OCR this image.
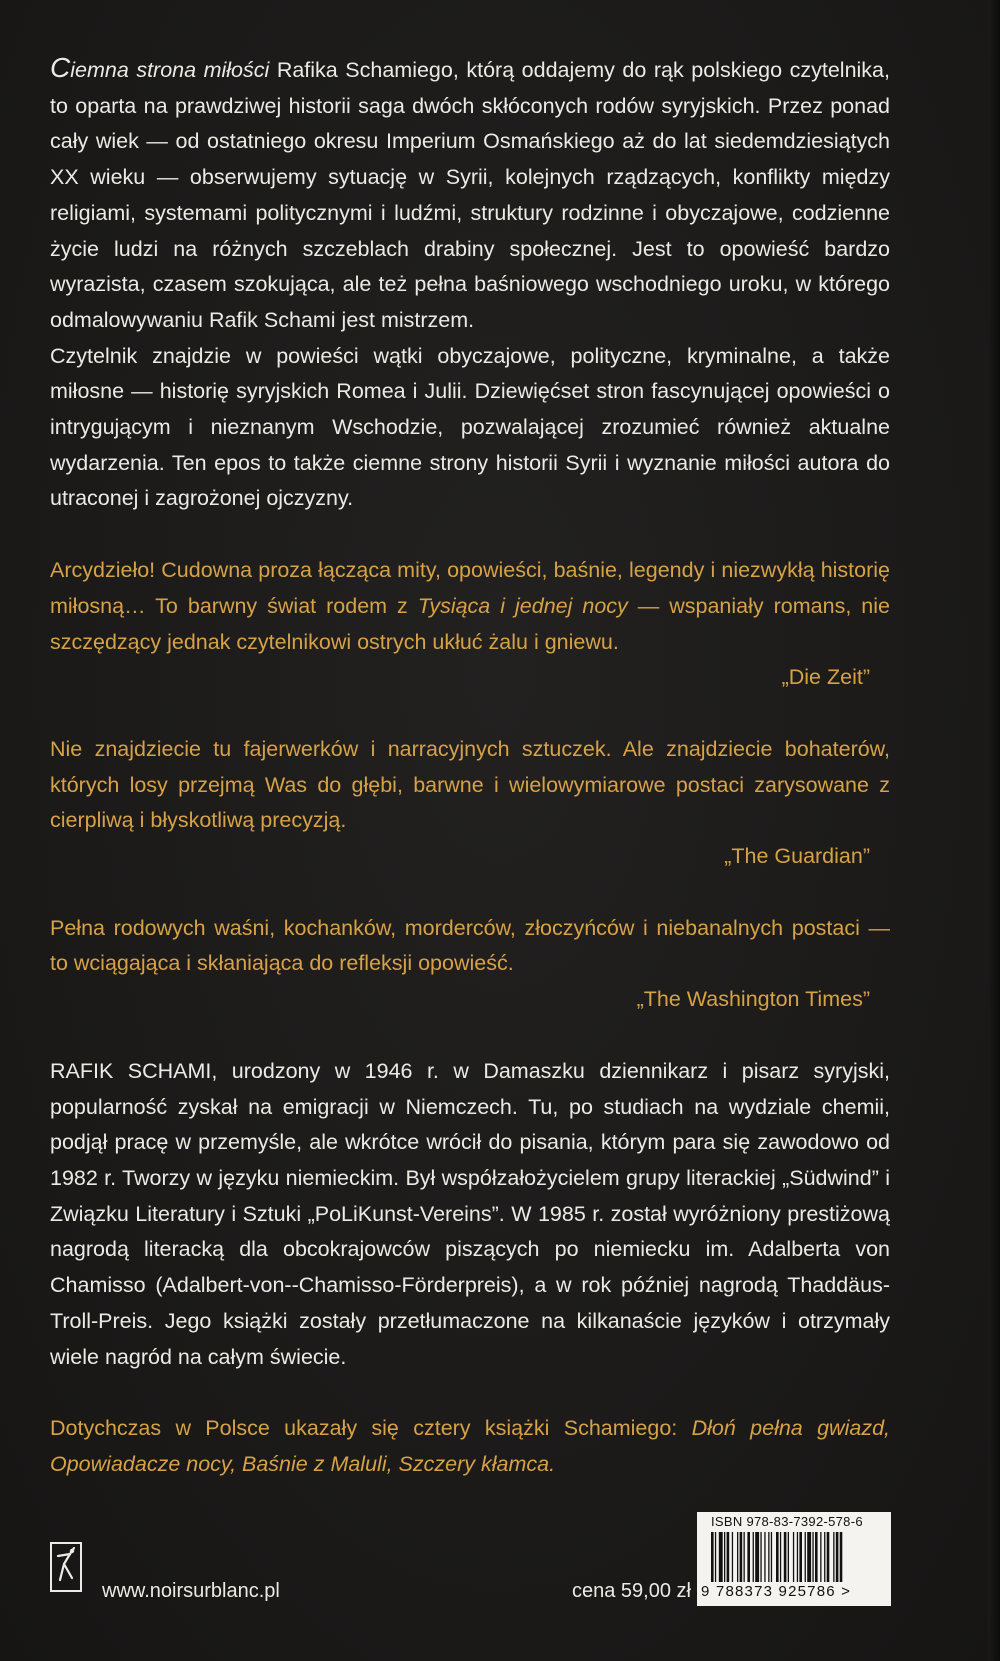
Ciemna strona miłości Rafika Schamiego, którą oddajemy do rąk polskiego czytelnika, to oparta na prawdziwej historii saga dwóch skłóconych rodów syryjskich. Przez ponad cały wiek — od ostatniego okresu Imperium Osmańskiego aż do lat siedemdziesiątych XX wieku — obserwujemy sytuację w Syrii, kolejnych rządzących, konflikty między religiami, systemami politycznymi i ludźmi, struktury rodzinne i obyczajowe, codzienne życie ludzi na różnych szczeblach drabiny społecznej. Jest to opowieść bardzo wyrazista, czasem szokująca, ale też pełna baśniowego wschodniego uroku, w którego odmalowywaniu Rafik Schami jest mistrzem.

Czytelnik znajdzie w powieści wątki obyczajowe, polityczne, kryminalne, a także miłosne — historię syryjskich Romea i Julii. Dziewięćset stron fascynującej opowieści o intrygującym i nieznanym Wschodzie, pozwalającej zrozumieć również aktualne wydarzenia. Ten epos to także ciemne strony historii Syrii i wyznanie miłości autora do utraconej i zagrożonej ojczyzny.

Arcydzieło! Cudowna proza łącząca mity, opowieści, baśnie, legendy i niezwykłą historię miłosną… To barwny świat rodem z Tysiąca i jednej nocy — wspaniały romans, nie szczędzący jednak czytelnikowi ostrych ukłuć żalu i gniewu.

„Die Zeit”

Nie znajdziecie tu fajerwerków i narracyjnych sztuczek. Ale znajdziecie bohaterów, których losy przejmą Was do głębi, barwne i wielowymiarowe postaci zarysowane z cierpliwą i błyskotliwą precyzją.

„The Guardian”

Pełna rodowych waśni, kochanków, morderców, złoczyńców i niebanalnych postaci — to wciągająca i skłaniająca do refleksji opowieść.

„The Washington Times”

RAFIK SCHAMI, urodzony w 1946 r. w Damaszku dziennikarz i pisarz syryjski, popularność zyskał na emigracji w Niemczech. Tu, po studiach na wydziale chemii, podjął pracę w przemyśle, ale wkrótce wrócił do pisania, którym para się zawodowo od 1982 r. Tworzy w języku niemieckim. Był współzałożycielem grupy literackiej „Südwind” i Związku Literatury i Sztuki „PoLiKunst-Vereins”. W 1985 r. został wyróżniony prestiżową nagrodą literacką dla obcokrajowców piszących po niemiecku im. Adalberta von Chamisso (Adalbert-von--Chamisso-Förderpreis), a w rok później nagrodą Thaddäus-Troll-Preis. Jego książki zostały przetłumaczone na kilkanaście języków i otrzymały wiele nagród na całym świecie.

Dotychczas w Polsce ukazały się cztery książki Schamiego: Dłoń pełna gwiazd, Opowiadacze nocy, Baśnie z Maluli, Szczery kłamca.

www.noirsurblanc.pl	cena 59,00 zł
ISBN 978-83-7392-578-6
9 788373 925786 >
